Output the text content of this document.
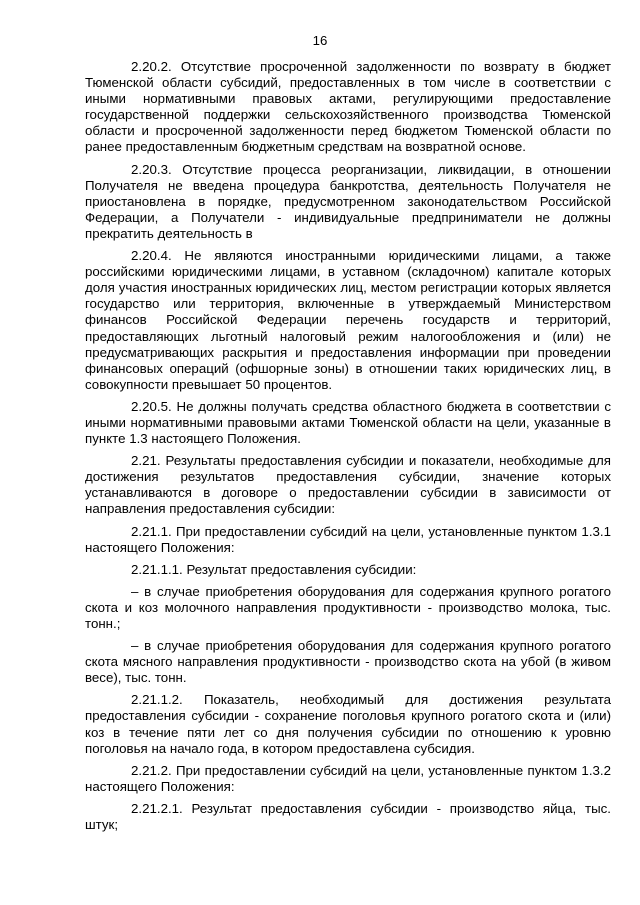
16

2.20.2. Отсутствие просроченной задолженности по возврату в бюджет Тюменской области субсидий, предоставленных в том числе в соответствии с иными нормативными правовых актами, регулирующими предоставление государственной поддержки сельскохозяйственного производства Тюменской области и просроченной задолженности перед бюджетом Тюменской области по ранее предоставленным бюджетным средствам на возвратной основе.

2.20.3. Отсутствие процесса реорганизации, ликвидации, в отношении Получателя не введена процедура банкротства, деятельность Получателя не приостановлена в порядке, предусмотренном законодательством Российской Федерации, а Получатели - индивидуальные предприниматели не должны прекратить деятельность в

2.20.4. Не являются иностранными юридическими лицами, а также российскими юридическими лицами, в уставном (складочном) капитале которых доля участия иностранных юридических лиц, местом регистрации которых является государство или территория, включенные в утверждаемый Министерством финансов Российской Федерации перечень государств и территорий, предоставляющих льготный налоговый режим налогообложения и (или) не предусматривающих раскрытия и предоставления информации при проведении финансовых операций (офшорные зоны) в отношении таких юридических лиц, в совокупности превышает 50 процентов.

2.20.5. Не должны получать средства областного бюджета в соответствии с иными нормативными правовыми актами Тюменской области на цели, указанные в пункте 1.3 настоящего Положения.

2.21. Результаты предоставления субсидии и показатели, необходимые для достижения результатов предоставления субсидии, значение которых устанавливаются в договоре о предоставлении субсидии в зависимости от направления предоставления субсидии:

2.21.1. При предоставлении субсидий на цели, установленные пунктом 1.3.1 настоящего Положения:

2.21.1.1. Результат предоставления субсидии:

– в случае приобретения оборудования для содержания крупного рогатого скота и коз молочного направления продуктивности - производство молока, тыс. тонн.;

– в случае приобретения оборудования для содержания крупного рогатого скота мясного направления продуктивности - производство скота на убой (в живом весе), тыс. тонн.

2.21.1.2. Показатель, необходимый для достижения результата предоставления субсидии - сохранение поголовья крупного рогатого скота и (или) коз в течение пяти лет со дня получения субсидии по отношению к уровню поголовья на начало года, в котором предоставлена субсидия.

2.21.2. При предоставлении субсидий на цели, установленные пунктом 1.3.2 настоящего Положения:

2.21.2.1. Результат предоставления субсидии - производство яйца, тыс. штук;
